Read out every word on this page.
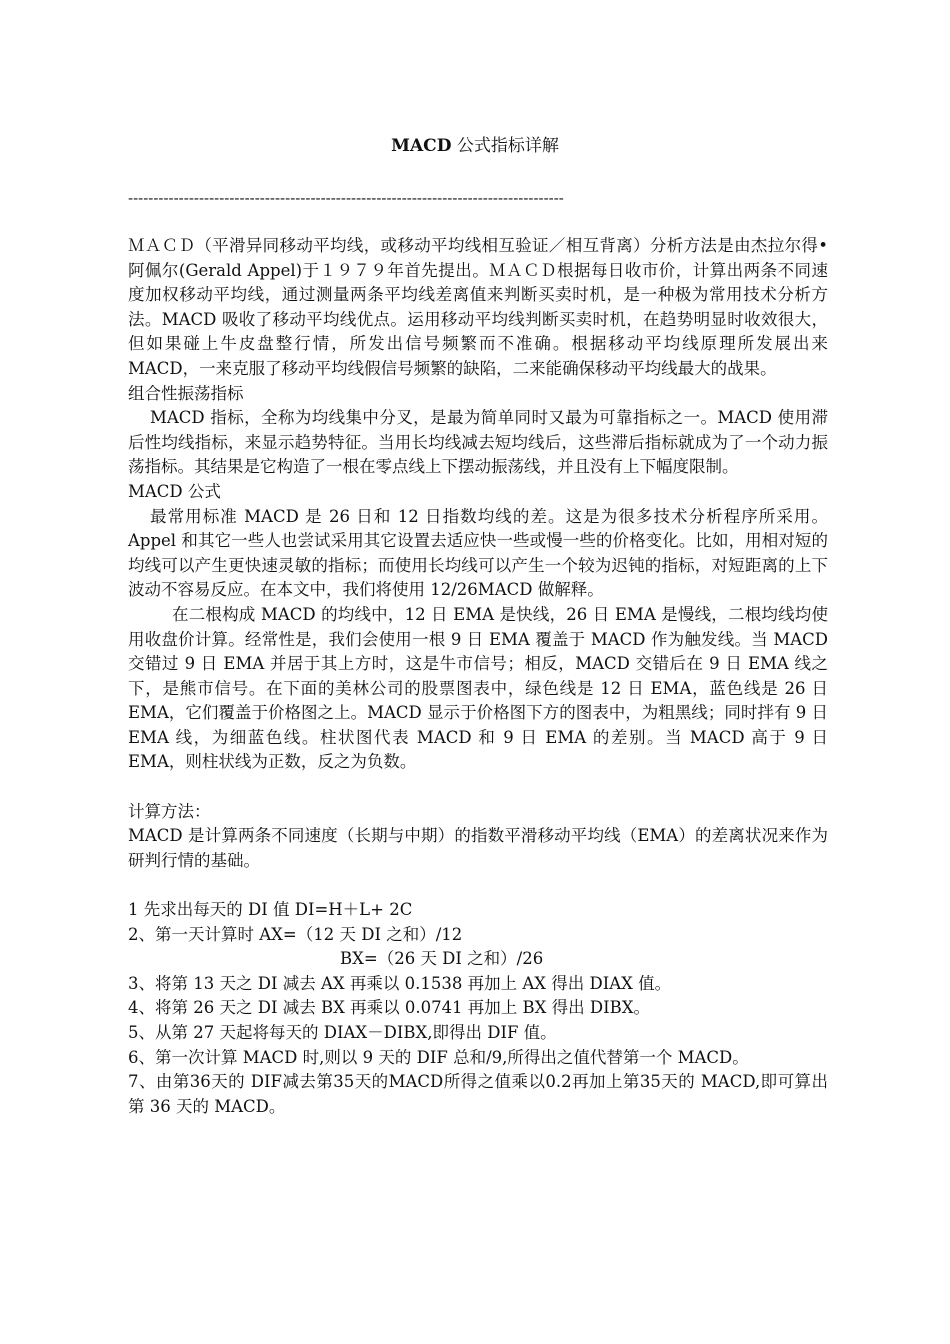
MACD 公式指标详解
--------------------------------------------------------------------------------------

ＭＡＣＤ（平滑异同移动平均线，或移动平均线相互验证／相互背离）分析方法是由杰拉尔得•阿佩尔(Gerald Appel)于１９７９年首先提出。ＭＡＣＤ根据每日收市价，计算出两条不同速度加权移动平均线，通过测量两条平均线差离值来判断买卖时机，是一种极为常用技术分析方法。MACD 吸收了移动平均线优点。运用移动平均线判断买卖时机，在趋势明显时收效很大，但如果碰上牛皮盘整行情，所发出信号频繁而不准确。根据移动平均线原理所发展出来 MACD，一来克服了移动平均线假信号频繁的缺陷，二来能确保移动平均线最大的战果。

组合性振荡指标

MACD 指标，全称为均线集中分叉，是最为简单同时又最为可靠指标之一。MACD 使用滞后性均线指标，来显示趋势特征。当用长均线减去短均线后，这些滞后指标就成为了一个动力振荡指标。其结果是它构造了一根在零点线上下摆动振荡线，并且没有上下幅度限制。

MACD 公式

最常用标准 MACD 是 26 日和 12 日指数均线的差。这是为很多技术分析程序所采用。Appel 和其它一些人也尝试采用其它设置去适应快一些或慢一些的价格变化。比如，用相对短的均线可以产生更快速灵敏的指标；而使用长均线可以产生一个较为迟钝的指标，对短距离的上下波动不容易反应。在本文中，我们将使用 12/26MACD 做解释。

在二根构成 MACD 的均线中，12 日 EMA 是快线，26 日 EMA 是慢线，二根均线均使用收盘价计算。经常性是，我们会使用一根 9 日 EMA 覆盖于 MACD 作为触发线。当 MACD 交错过 9 日 EMA 并居于其上方时，这是牛市信号；相反，MACD 交错后在 9 日 EMA 线之下，是熊市信号。在下面的美林公司的股票图表中，绿色线是 12 日 EMA，蓝色线是 26 日 EMA，它们覆盖于价格图之上。MACD 显示于价格图下方的图表中，为粗黑线；同时拌有 9 日 EMA 线，为细蓝色线。柱状图代表 MACD 和 9 日 EMA 的差别。当 MACD 高于 9 日 EMA，则柱状线为正数，反之为负数。

计算方法：

MACD 是计算两条不同速度（长期与中期）的指数平滑移动平均线（EMA）的差离状况来作为研判行情的基础。

1 先求出每天的 DI 值 DI=H＋L+ 2C

2、第一天计算时 AX=（12 天 DI 之和）/12

BX=（26 天 DI 之和）/26

3、将第 13 天之 DI 减去 AX 再乘以 0.1538 再加上 AX 得出 DIAX 值。

4、将第 26 天之 DI 减去 BX 再乘以 0.0741 再加上 BX 得出 DIBX。

5、从第 27 天起将每天的 DIAX－DIBX,即得出 DIF 值。

6、第一次计算 MACD 时,则以 9 天的 DIF 总和/9,所得出之值代替第一个 MACD。

7、由第36天的 DIF减去第35天的MACD所得之值乘以0.2再加上第35天的 MACD,即可算出第 36 天的 MACD。
